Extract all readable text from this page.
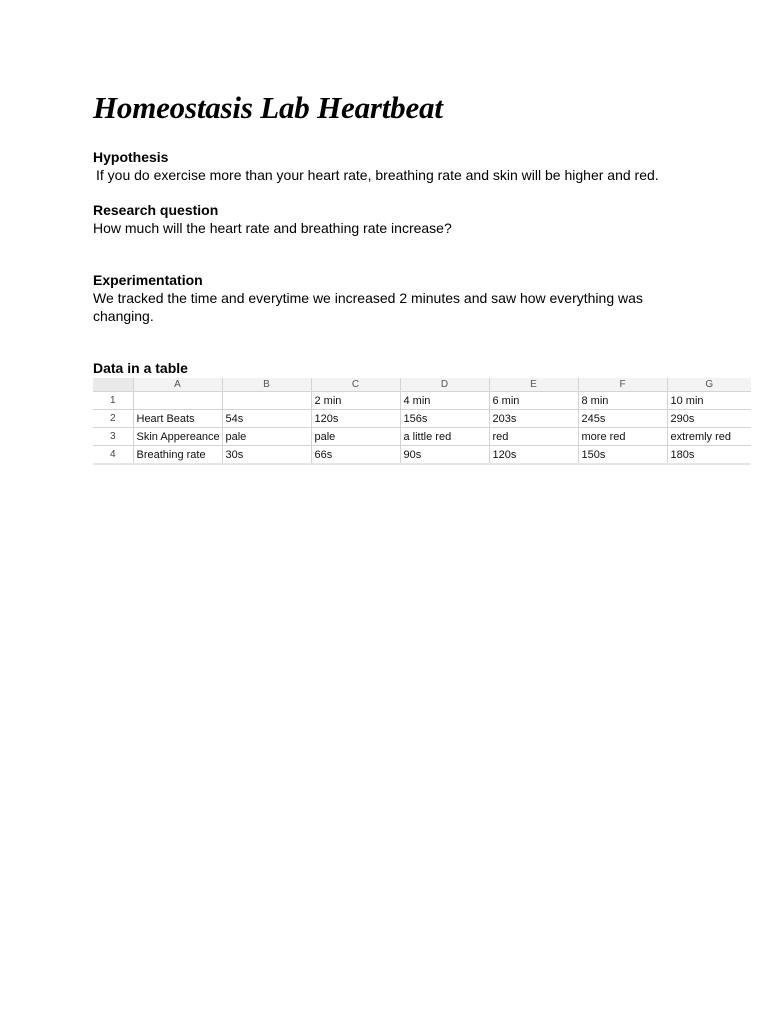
Homeostasis Lab Heartbeat

Hypothesis

If you do exercise more than your heart rate, breathing rate and skin will be higher and red.

Research question

How much will the heart rate and breathing rate increase?

Experimentation

We tracked the time and everytime we increased 2 minutes and saw how everything was changing.

Data in a table

	A	B	C	D	E	F	G
1			2 min	4 min	6 min	8 min	10 min
2	Heart Beats	54s	120s	156s	203s	245s	290s
3	Skin Appereance	pale	pale	a little red	red	more red	extremly red
4	Breathing rate	30s	66s	90s	120s	150s	180s
